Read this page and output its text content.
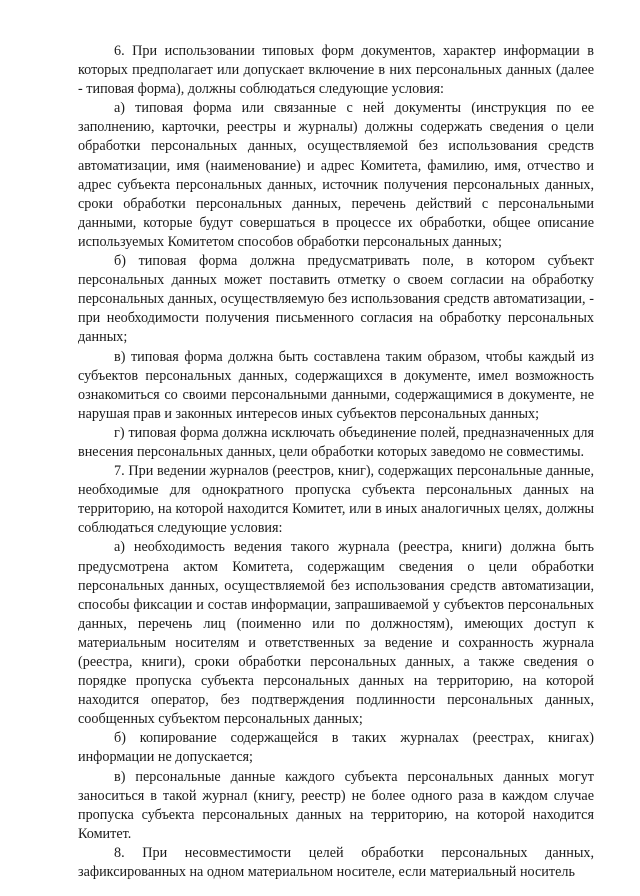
6. При использовании типовых форм документов, характер информации в которых предполагает или допускает включение в них персональных данных (далее - типовая форма), должны соблюдаться следующие условия:

а) типовая форма или связанные с ней документы (инструкция по ее заполнению, карточки, реестры и журналы) должны содержать сведения о цели обработки персональных данных, осуществляемой без использования средств автоматизации, имя (наименование) и адрес Комитета, фамилию, имя, отчество и адрес субъекта персональных данных, источник получения персональных данных, сроки обработки персональных данных, перечень действий с персональными данными, которые будут совершаться в процессе их обработки, общее описание используемых Комитетом способов обработки персональных данных;

б) типовая форма должна предусматривать поле, в котором субъект персональных данных может поставить отметку о своем согласии на обработку персональных данных, осуществляемую без использования средств автоматизации, - при необходимости получения письменного согласия на обработку персональных данных;

в) типовая форма должна быть составлена таким образом, чтобы каждый из субъектов персональных данных, содержащихся в документе, имел возможность ознакомиться со своими персональными данными, содержащимися в документе, не нарушая прав и законных интересов иных субъектов персональных данных;

г) типовая форма должна исключать объединение полей, предназначенных для внесения персональных данных, цели обработки которых заведомо не совместимы.

7. При ведении журналов (реестров, книг), содержащих персональные данные, необходимые для однократного пропуска субъекта персональных данных на территорию, на которой находится Комитет, или в иных аналогичных целях, должны соблюдаться следующие условия:

а) необходимость ведения такого журнала (реестра, книги) должна быть предусмотрена актом Комитета, содержащим сведения о цели обработки персональных данных, осуществляемой без использования средств автоматизации, способы фиксации и состав информации, запрашиваемой у субъектов персональных данных, перечень лиц (поименно или по должностям), имеющих доступ к материальным носителям и ответственных за ведение и сохранность журнала (реестра, книги), сроки обработки персональных данных, а также сведения о порядке пропуска субъекта персональных данных на территорию, на которой находится оператор, без подтверждения подлинности персональных данных, сообщенных субъектом персональных данных;

б) копирование содержащейся в таких журналах (реестрах, книгах) информации не допускается;

в) персональные данные каждого субъекта персональных данных могут заноситься в такой журнал (книгу, реестр) не более одного раза в каждом случае пропуска субъекта персональных данных на территорию, на которой находится Комитет.

8. При несовместимости целей обработки персональных данных, зафиксированных на одном материальном носителе, если материальный носитель
